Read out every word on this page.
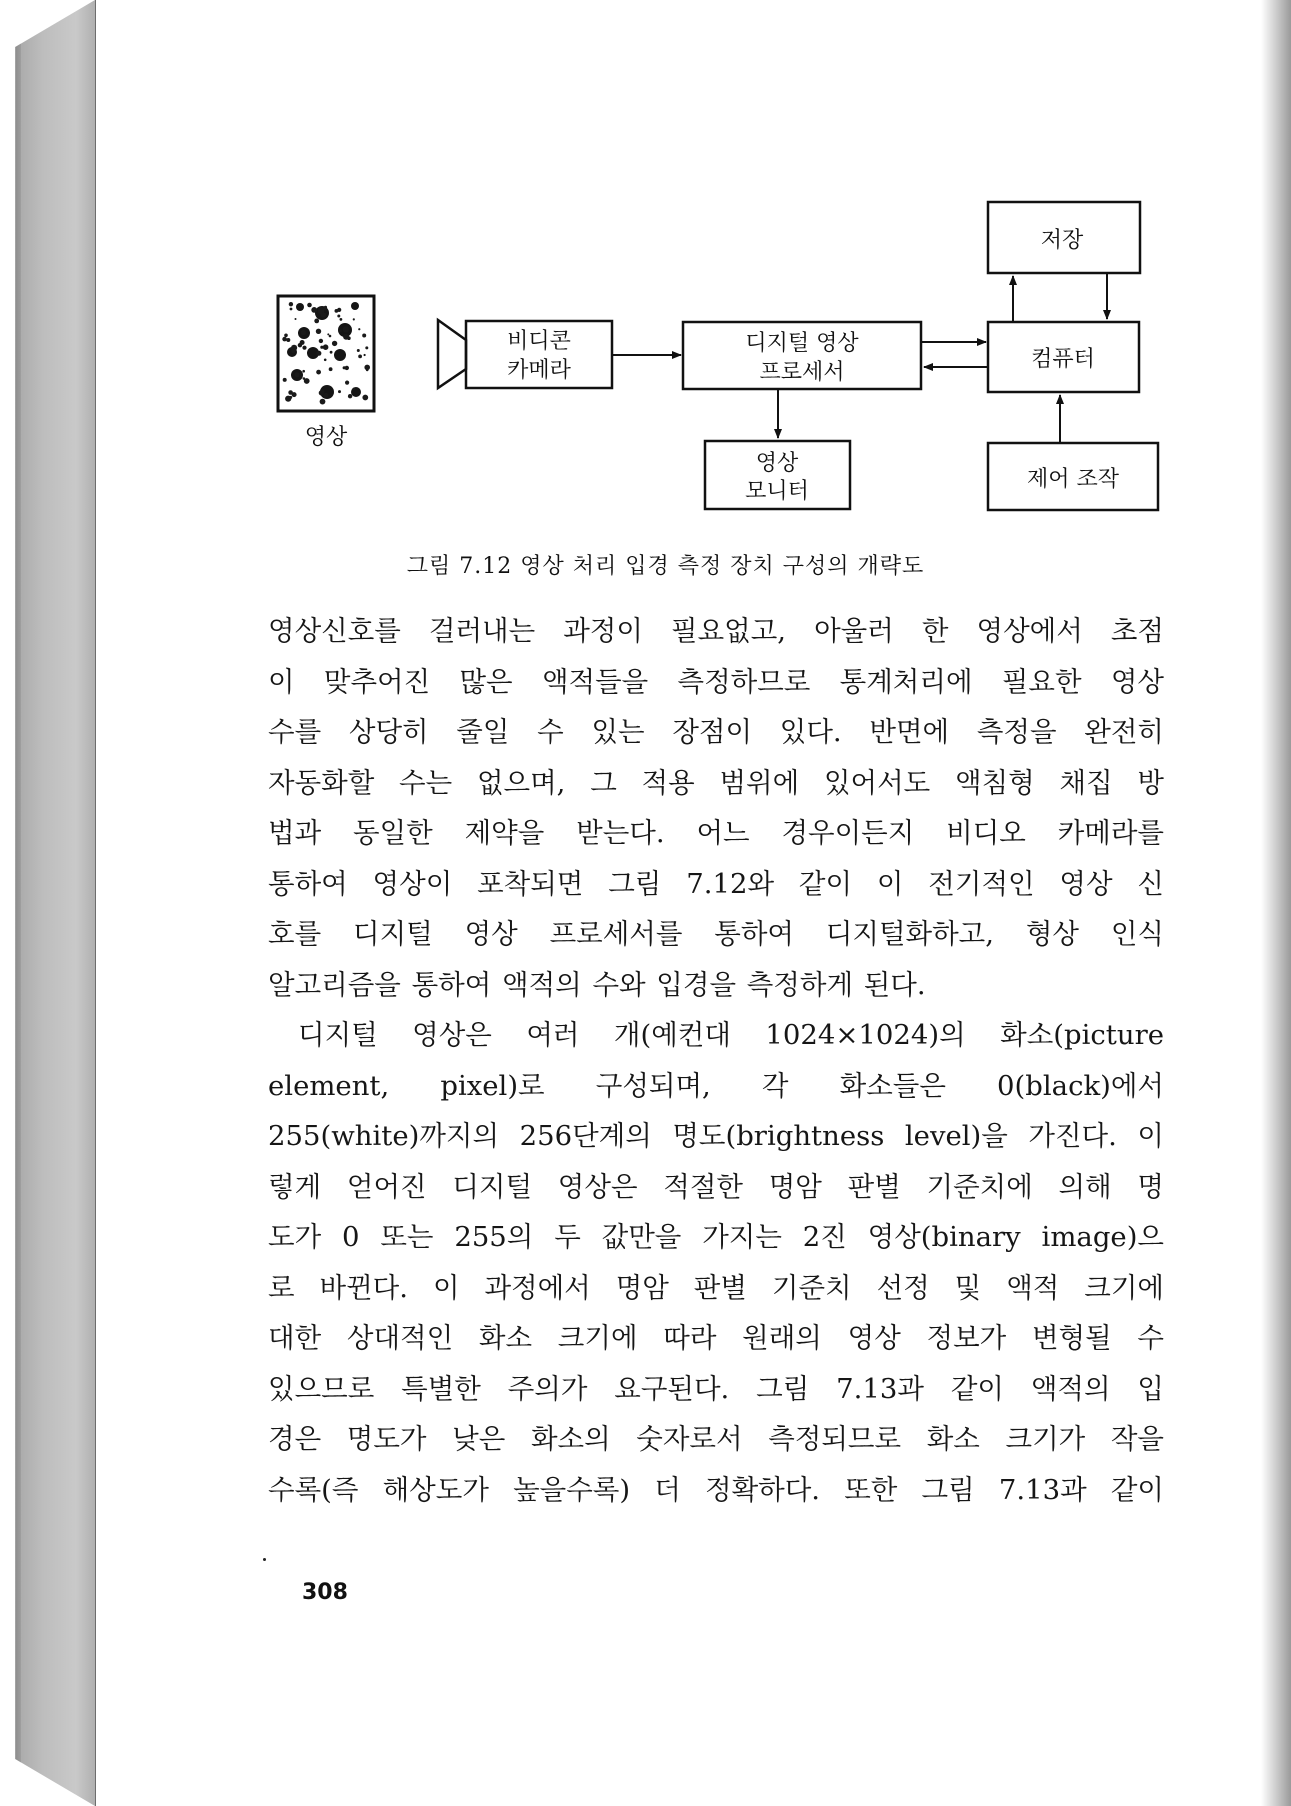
영상
비디콘
카메라
디지털 영상
프로세서
영상
모니터
저장
컴퓨터
제어 조작
그림 7.12 영상 처리 입경 측정 장치 구성의 개략도
영상신호를 걸러내는 과정이 필요없고, 아울러 한 영상에서 초점
이 맞추어진 많은 액적들을 측정하므로 통계처리에 필요한 영상
수를 상당히 줄일 수 있는 장점이 있다. 반면에 측정을 완전히
자동화할 수는 없으며, 그 적용 범위에 있어서도 액침형 채집 방
법과 동일한 제약을 받는다. 어느 경우이든지 비디오 카메라를
통하여 영상이 포착되면 그림 7.12와 같이 이 전기적인 영상 신
호를 디지털 영상 프로세서를 통하여 디지털화하고, 형상 인식
알고리즘을 통하여 액적의 수와 입경을 측정하게 된다.
디지털 영상은 여러 개(예컨대 1024×1024)의 화소(picture
element, pixel)로 구성되며, 각 화소들은 0(black)에서
255(white)까지의 256단계의 명도(brightness level)을 가진다. 이
렇게 얻어진 디지털 영상은 적절한 명암 판별 기준치에 의해 명
도가 0 또는 255의 두 값만을 가지는 2진 영상(binary image)으
로 바뀐다. 이 과정에서 명암 판별 기준치 선정 및 액적 크기에
대한 상대적인 화소 크기에 따라 원래의 영상 정보가 변형될 수
있으므로 특별한 주의가 요구된다. 그림 7.13과 같이 액적의 입
경은 명도가 낮은 화소의 숫자로서 측정되므로 화소 크기가 작을
수록(즉 해상도가 높을수록) 더 정확하다. 또한 그림 7.13과 같이
308
